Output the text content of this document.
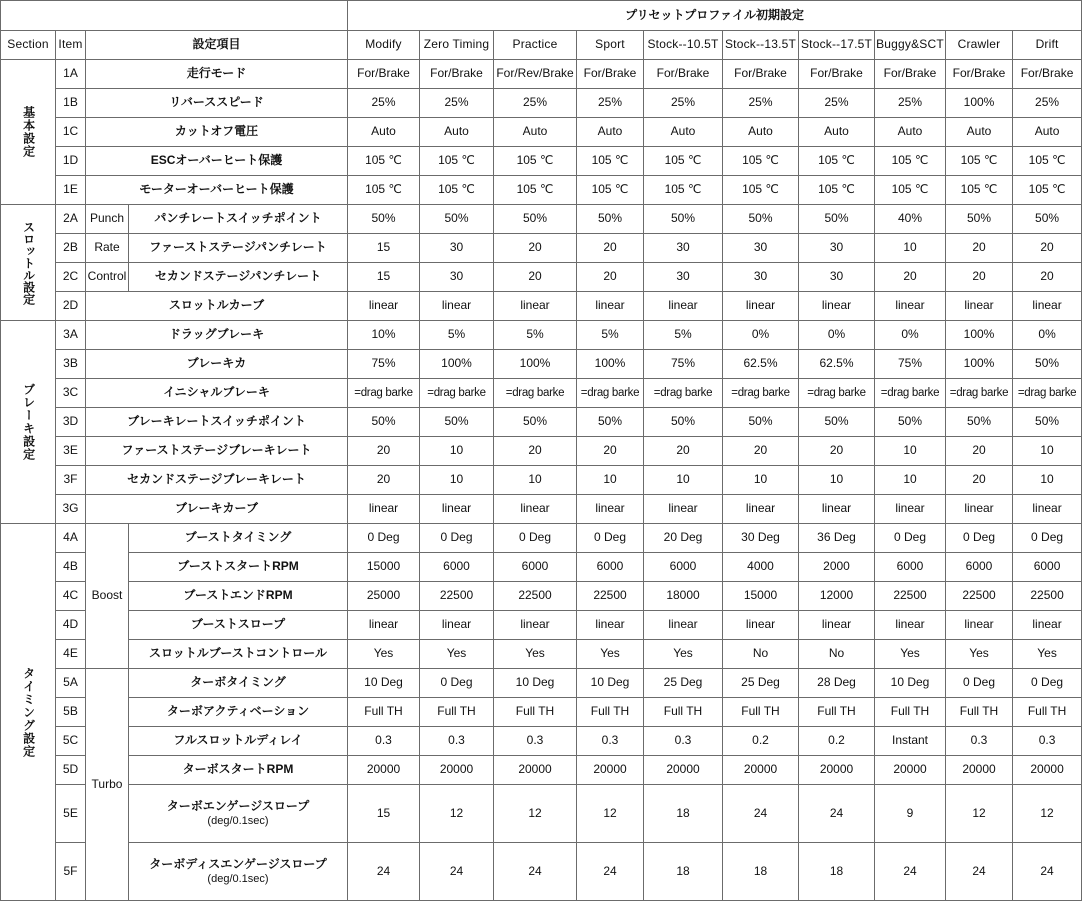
				プリセットプロファイル初期設定									
Section	Item	設定項目		Modify	Zero Timing	Practice	Sport	Stock--10.5T	Stock--13.5T	Stock--17.5T	Buggy&SCT	Crawler	Drift
基本設定	1A	走行モード		For/Brake	For/Brake	For/Rev/Brake	For/Brake	For/Brake	For/Brake	For/Brake	For/Brake	For/Brake	For/Brake
	1B	リバーススピード		25%	25%	25%	25%	25%	25%	25%	25%	100%	25%
	1C	カットオフ電圧		Auto	Auto	Auto	Auto	Auto	Auto	Auto	Auto	Auto	Auto
	1D	ESCオーバーヒート保護		105 ℃	105 ℃	105 ℃	105 ℃	105 ℃	105 ℃	105 ℃	105 ℃	105 ℃	105 ℃
	1E	モーターオーバーヒート保護		105 ℃	105 ℃	105 ℃	105 ℃	105 ℃	105 ℃	105 ℃	105 ℃	105 ℃	105 ℃
スロットル設定	2A	Punch	パンチレートスイッチポイント	50%	50%	50%	50%	50%	50%	50%	40%	50%	50%
	2B	Rate	ファーストステージパンチレート	15	30	20	20	30	30	30	10	20	20
	2C	Control	セカンドステージパンチレート	15	30	20	20	30	30	30	20	20	20
	2D	スロットルカーブ		linear	linear	linear	linear	linear	linear	linear	linear	linear	linear
ブレーキ設定	3A	ドラッグブレーキ		10%	5%	5%	5%	5%	0%	0%	0%	100%	0%
	3B	ブレーキカ		75%	100%	100%	100%	75%	62.5%	62.5%	75%	100%	50%
	3C	イニシャルブレーキ		=drag barke	=drag barke	=drag barke	=drag barke	=drag barke	=drag barke	=drag barke	=drag barke	=drag barke	=drag barke
	3D	ブレーキレートスイッチポイント		50%	50%	50%	50%	50%	50%	50%	50%	50%	50%
	3E	ファーストステージブレーキレート		20	10	20	20	20	20	20	10	20	10
	3F	セカンドステージブレーキレート		20	10	10	10	10	10	10	10	20	10
	3G	ブレーキカーブ		linear	linear	linear	linear	linear	linear	linear	linear	linear	linear
タイミング設定	4A	Boost	ブーストタイミング	0 Deg	0 Deg	0 Deg	0 Deg	20 Deg	30 Deg	36 Deg	0 Deg	0 Deg	0 Deg
	4B		ブーストスタートRPM	15000	6000	6000	6000	6000	4000	2000	6000	6000	6000
	4C		ブーストエンドRPM	25000	22500	22500	22500	18000	15000	12000	22500	22500	22500
	4D		ブーストスロープ	linear	linear	linear	linear	linear	linear	linear	linear	linear	linear
	4E		スロットルブーストコントロール	Yes	Yes	Yes	Yes	Yes	No	No	Yes	Yes	Yes
	5A	Turbo	ターボタイミング	10 Deg	0 Deg	10 Deg	10 Deg	25 Deg	25 Deg	28 Deg	10 Deg	0 Deg	0 Deg
	5B		ターボアクティベーション	Full TH	Full TH	Full TH	Full TH	Full TH	Full TH	Full TH	Full TH	Full TH	Full TH
	5C		フルスロットルディレイ	0.3	0.3	0.3	0.3	0.3	0.2	0.2	Instant	0.3	0.3
	5D		ターボスタートRPM	20000	20000	20000	20000	20000	20000	20000	20000	20000	20000
	5E		ターボエンゲージスロープ
(deg/0.1sec)	15	12	12	12	18	24	24	9	12	12
	5F		ターボディスエンゲージスロープ
(deg/0.1sec)	24	24	24	24	18	18	18	24	24	24
